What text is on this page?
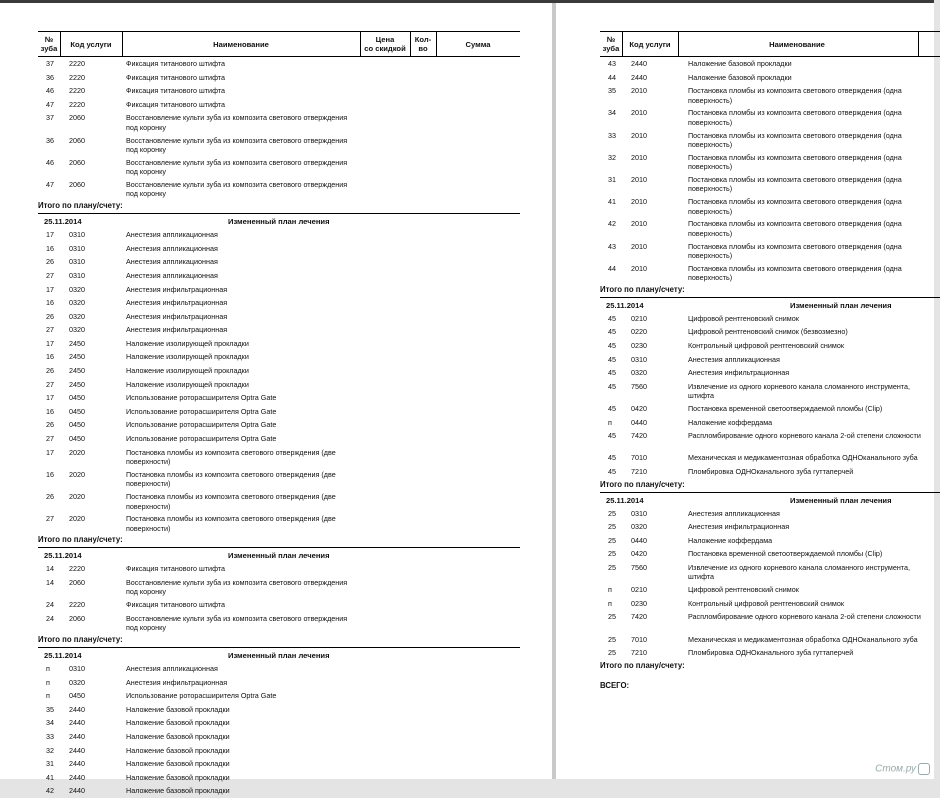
№
зуба	Код услуги	Наименование	Цена
со скидкой
Кол-
во	Сумма
37 2220	Фиксация титанового штифта
36 2220	Фиксация титанового штифта
46 2220	Фиксация титанового штифта
47 2220	Фиксация титанового штифта
37 2060	Восстановление культи зуба из композита светового отверждения под коронку
36 2060	Восстановление культи зуба из композита светового отверждения под коронку
46 2060	Восстановление культи зуба из композита светового отверждения под коронку
47 2060	Восстановление культи зуба из композита светового отверждения под коронку
Итого по плану/счету:
25.11.2014	Измененный план лечения
17 0310	Анестезия аппликационная
16 0310	Анестезия аппликационная
26 0310	Анестезия аппликационная
27 0310	Анестезия аппликационная
17 0320	Анестезия инфильтрационная
16 0320	Анестезия инфильтрационная
26 0320	Анестезия инфильтрационная
27 0320	Анестезия инфильтрационная
17 2450	Наложение изолирующей прокладки
16 2450	Наложение изолирующей прокладки
26 2450	Наложение изолирующей прокладки
27 2450	Наложение изолирующей прокладки
17 0450	Использование роторасширителя Optra Gate
16 0450	Использование роторасширителя Optra Gate
26 0450	Использование роторасширителя Optra Gate
27 0450	Использование роторасширителя Optra Gate
17 2020	Постановка пломбы из композита светового отверждения (две поверхности)
16 2020	Постановка пломбы из композита светового отверждения (две поверхности)
26 2020	Постановка пломбы из композита светового отверждения (две поверхности)
27 2020	Постановка пломбы из композита светового отверждения (две поверхности)
Итого по плану/счету:
25.11.2014	Измененный план лечения
14 2220	Фиксация титанового штифта
14 2060	Восстановление культи зуба из композита светового отверждения под коронку
24 2220	Фиксация титанового штифта
24 2060	Восстановление культи зуба из композита светового отверждения под коронку
Итого по плану/счету:
25.11.2014	Измененный план лечения
п	0310	Анестезия аппликационная
п	0320	Анестезия инфильтрационная
п	0450	Использование роторасширителя Optra Gate
35 2440	Наложение базовой прокладки
34 2440	Наложение базовой прокладки
33 2440	Наложение базовой прокладки
32 2440	Наложение базовой прокладки
31 2440	Наложение базовой прокладки
41 2440	Наложение базовой прокладки
42 2440	Наложение базовой прокладки
№
зуба	Код услуги	Наименование
43 2440	Наложение базовой прокладки
44 2440	Наложение базовой прокладки
35 2010	Постановка пломбы из композита светового отверждения (одна поверхность)
34 2010	Постановка пломбы из композита светового отверждения (одна поверхность)
33 2010	Постановка пломбы из композита светового отверждения (одна поверхность)
32 2010	Постановка пломбы из композита светового отверждения (одна поверхность)
31 2010	Постановка пломбы из композита светового отверждения (одна поверхность)
41 2010	Постановка пломбы из композита светового отверждения (одна поверхность)
42 2010	Постановка пломбы из композита светового отверждения (одна поверхность)
43 2010	Постановка пломбы из композита светового отверждения (одна поверхность)
44 2010	Постановка пломбы из композита светового отверждения (одна поверхность)
Итого по плану/счету:
25.11.2014	Измененный план лечения
45 0210	Цифровой рентгеновский снимок
45 0220	Цифровой рентгеновский снимок (безвозмезно)
45 0230	Контрольный цифровой рентгеновский снимок
45 0310	Анестезия аппликационная
45 0320	Анестезия инфильтрационная
45 7560	Извлечение из одного корневого канала сломанного инструмента, штифта
45 0420	Постановка временной светоотверждаемой пломбы (Clip)
п	0440	Наложение коффердама
45 7420	Распломбирование одного корневого канала 2-ой степени сложности
45 7010	Механическая и медикаментозная обработка ОДНОканального зуба
45 7210	Пломбировка ОДНОканального зуба гуттаперчей
Итого по плану/счету:
25.11.2014	Измененный план лечения
25 0310	Анестезия аппликационная
25 0320	Анестезия инфильтрационная
25 0440	Наложение коффердама
25 0420	Постановка временной светоотверждаемой пломбы (Clip)
25 7560	Извлечение из одного корневого канала сломанного инструмента, штифта
п	0210	Цифровой рентгеновский снимок
п	0230	Контрольный цифровой рентгеновский снимок
25 7420	Распломбирование одного корневого канала 2-ой степени сложности
25 7010	Механическая и медикаментозная обработка ОДНОканального зуба
25 7210	Пломбировка ОДНОканального зуба гуттаперчей
Итого по плану/счету:
ВСЕГО:
Стом.ру
